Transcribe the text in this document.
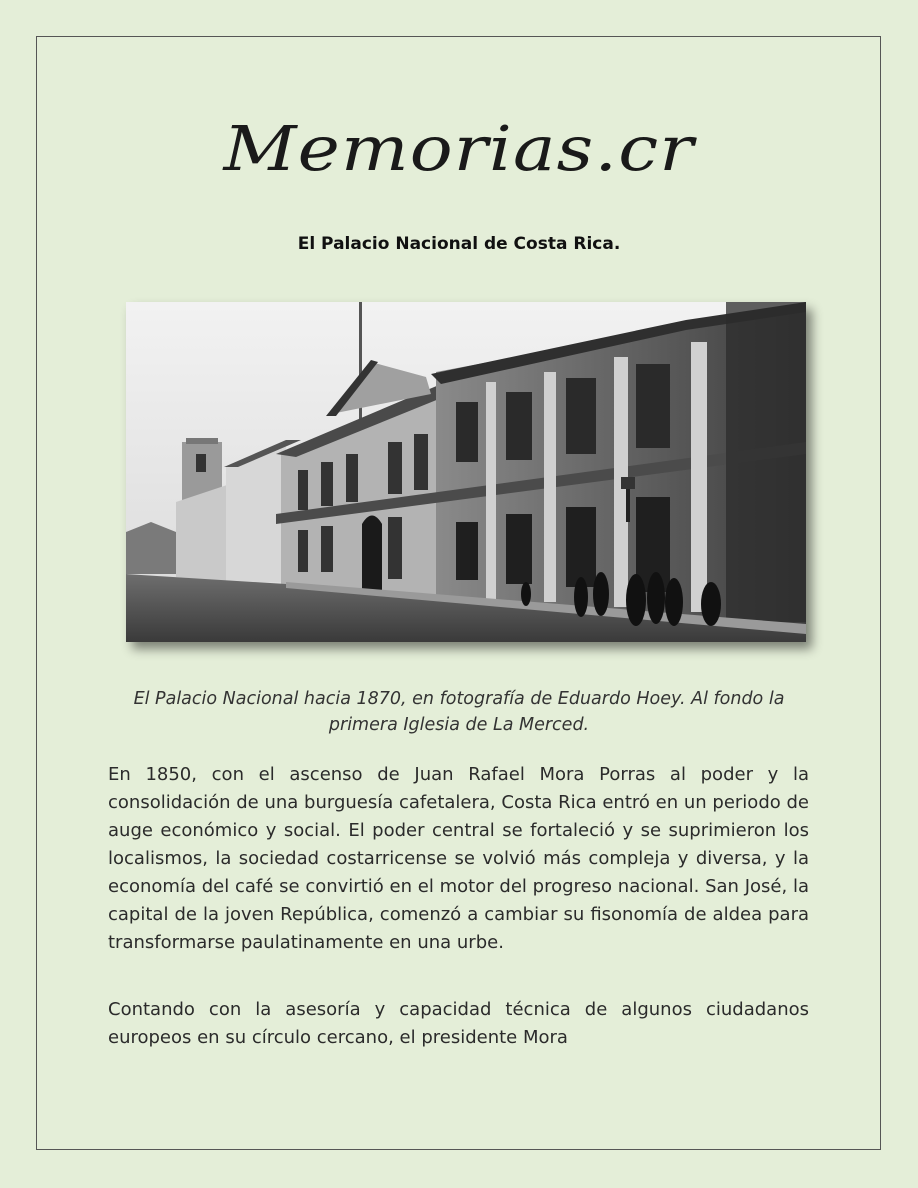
Memorias.cr
El Palacio Nacional de Costa Rica.
El Palacio Nacional hacia 1870, en fotografía de Eduardo Hoey. Al fondo la primera Iglesia de La Merced.

En 1850, con el ascenso de Juan Rafael Mora Porras al poder y la consolidación de una burguesía cafetalera, Costa Rica entró en un periodo de auge económico y social. El poder central se fortaleció y se suprimieron los localismos, la sociedad costarricense se volvió más compleja y diversa, y la economía del café se convirtió en el motor del progreso nacional. San José, la capital de la joven República, comenzó a cambiar su fisonomía de aldea para transformarse paulatinamente en una urbe.

Contando con la asesoría y capacidad técnica de algunos ciudadanos europeos en su círculo cercano, el presidente Mora
